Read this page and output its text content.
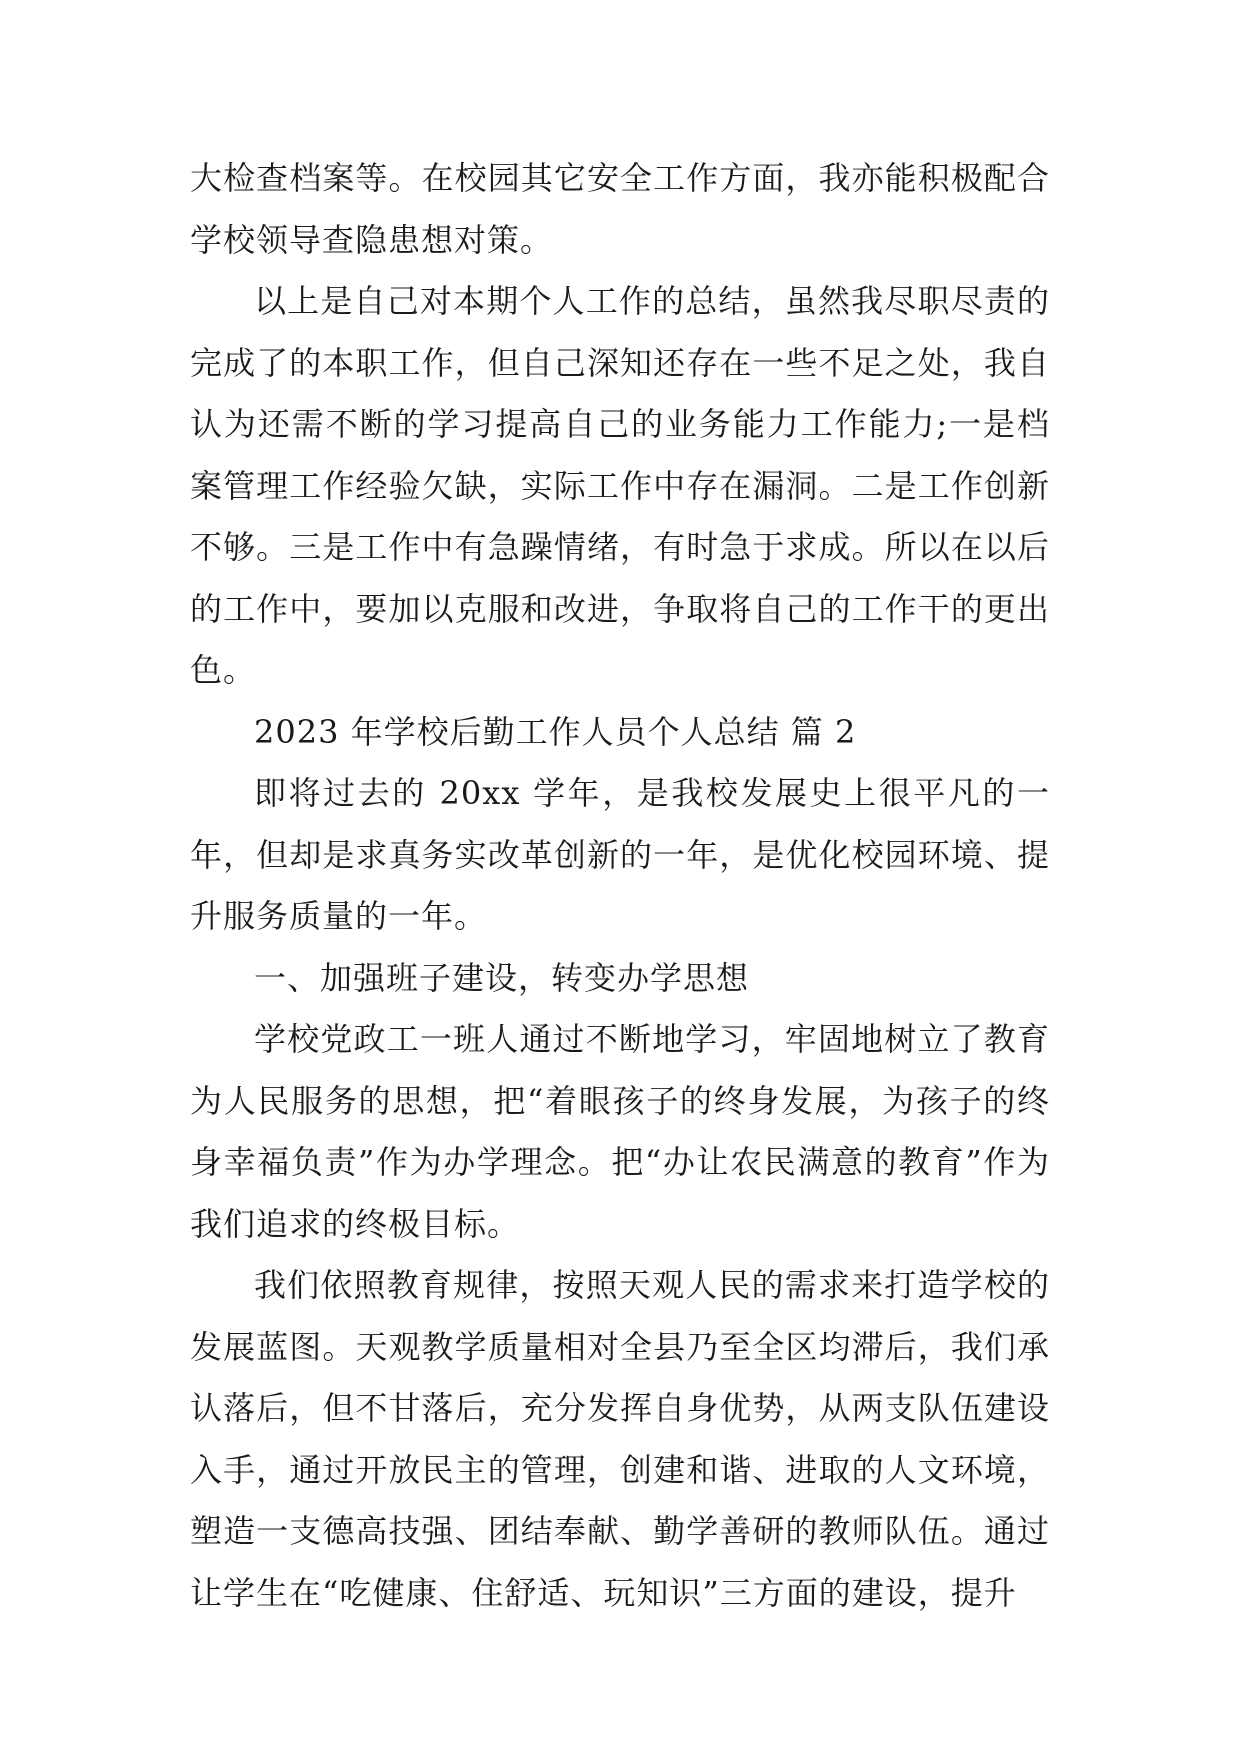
大检查档案等。在校园其它安全工作方面，我亦能积极配合学校领导查隐患想对策。

以上是自己对本期个人工作的总结，虽然我尽职尽责的完成了的本职工作，但自己深知还存在一些不足之处，我自认为还需不断的学习提高自己的业务能力工作能力;一是档案管理工作经验欠缺，实际工作中存在漏洞。二是工作创新不够。三是工作中有急躁情绪，有时急于求成。所以在以后的工作中，要加以克服和改进，争取将自己的工作干的更出色。

2023 年学校后勤工作人员个人总结 篇 2

即将过去的 20xx 学年，是我校发展史上很平凡的一年，但却是求真务实改革创新的一年，是优化校园环境、提升服务质量的一年。

一、加强班子建设，转变办学思想

学校党政工一班人通过不断地学习，牢固地树立了教育为人民服务的思想，把“着眼孩子的终身发展，为孩子的终身幸福负责”作为办学理念。把“办让农民满意的教育”作为我们追求的终极目标。

我们依照教育规律，按照天观人民的需求来打造学校的发展蓝图。天观教学质量相对全县乃至全区均滞后，我们承认落后，但不甘落后，充分发挥自身优势，从两支队伍建设入手，通过开放民主的管理，创建和谐、进取的人文环境，塑造一支德高技强、团结奉献、勤学善研的教师队伍。通过让学生在“吃健康、住舒适、玩知识”三方面的建设，提升
